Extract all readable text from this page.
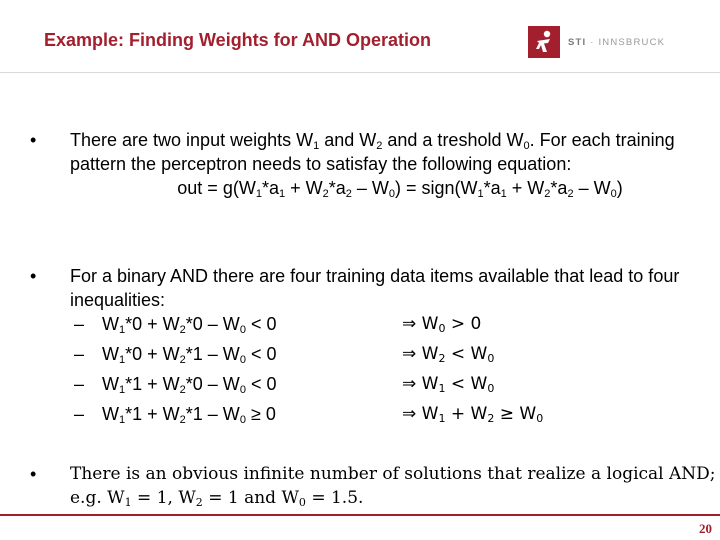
Example: Finding Weights for AND Operation	STI · INNSBRUCK
• There are two input weights $W_1$ and $W_2$ and a treshold $W_0$. For each training pattern the perceptron needs to satisfay the following equation:
out = $g(W_1*a_1 + W_2*a_2 - W_0)$ = $sign(W_1*a_1 + W_2*a_2 - W_0)$
• For a binary AND there are four training data items available that lead to four inequalities:
– $W_1*0 + W_2*0 - W_0 < 0$	⇒ $W_0 > 0$
– $W_1*0 + W_2*1 - W_0 < 0$	⇒ $W_2 < W_0$
– $W_1*1 + W_2*0 - W_0 < 0$	⇒ $W_1 < W_0$
– $W_1*1 + W_2*1 - W_0 \ge 0$	⇒ $W_1 + W_2 \ge W_0$
• There is an obvious infinite number of solutions that realize a logical AND; e.g. $W_1 = 1$, $W_2 = 1$ and $W_0 = 1.5$.
20
